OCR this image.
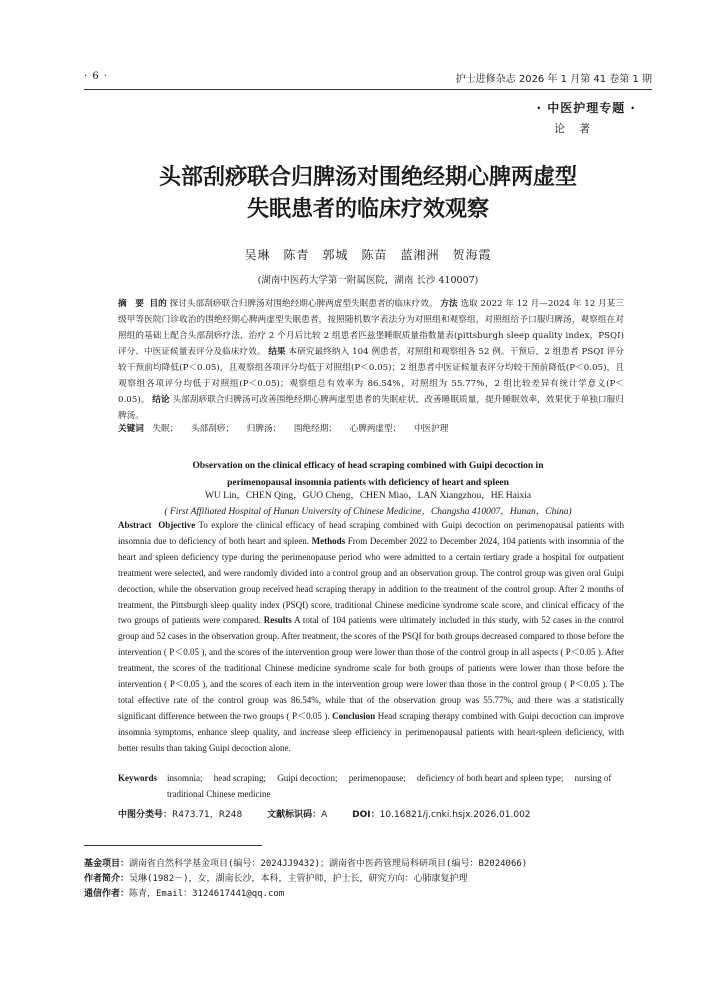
· 6 ·	护士进修杂志 2026 年 1 月第 41 卷第 1 期
· 中医护理专题 ·
论著
头部刮痧联合归脾汤对围绝经期心脾两虚型
失眠患者的临床疗效观察
吴琳　陈青　郭城　陈苗　蓝湘洲　贺海霞
(湖南中医药大学第一附属医院，湖南 长沙 410007)
摘　要 目的 探讨头部刮痧联合归脾汤对围绝经期心脾两虚型失眠患者的临床疗效。 方法 选取 2022 年 12 月—2024 年 12 月某三级甲等医院门诊收治的围绝经期心脾两虚型失眠患者，按照随机数字表法分为对照组和观察组，对照组给予口服归脾汤，观察组在对照组的基础上配合头部刮痧疗法，治疗 2 个月后比较 2 组患者匹兹堡睡眠质量指数量表(pittsburgh sleep quality index，PSQI)评分、中医证候量表评分及临床疗效。 结果 本研究最终纳入 104 例患者，对照组和观察组各 52 例。干预后，2 组患者 PSQI 评分较干预前均降低(P＜0.05)，且观察组各项评分均低于对照组(P＜0.05)；2 组患者中医证候量表评分均较干预前降低(P＜0.05)，且观察组各项评分均低于对照组(P＜0.05)；观察组总有效率为 86.54%，对照组为 55.77%，2 组比较差异有统计学意义(P＜0.05)。 结论 头部刮痧联合归脾汤可改善围绝经期心脾两虚型患者的失眠症状，改善睡眠质量，提升睡眠效率，效果优于单独口服归脾汤。
关键词 失眠； 头部刮痧； 归脾汤； 围绝经期； 心脾两虚型； 中医护理
Observation on the clinical efficacy of head scraping combined with Guipi decoction in
perimenopausal insomnia patients with deficiency of heart and spleen
WU Lin，CHEN Qing，GUO Cheng，CHEN Miao，LAN Xiangzhou，HE Haixia
( First Affiliated Hospital of Hunan University of Chinese Medicine，Changsha 410007，Hunan，China)
Abstract Objective To explore the clinical efficacy of head scraping combined with Guipi decoction on perimenopausal patients with insomnia due to deficiency of both heart and spleen. Methods From December 2022 to December 2024, 104 patients with insomnia of the heart and spleen deficiency type during the perimenopause period who were admitted to a certain tertiary grade a hospital for outpatient treatment were selected, and were randomly divided into a control group and an observation group. The control group was given oral Guipi decoction, while the observation group received head scraping therapy in addition to the treatment of the control group. After 2 months of treatment, the Pittsburgh sleep quality index (PSQI) score, traditional Chinese medicine syndrome scale score, and clinical efficacy of the two groups of patients were compared. Results A total of 104 patients were ultimately included in this study, with 52 cases in the control group and 52 cases in the observation group. After treatment, the scores of the PSQI for both groups decreased compared to those before the intervention ( P＜0.05 ), and the scores of the intervention group were lower than those of the control group in all aspects ( P＜0.05 ). After treatment, the scores of the traditional Chinese medicine syndrome scale for both groups of patients were lower than those before the intervention ( P＜0.05 ), and the scores of each item in the intervention group were lower than those in the control group ( P＜0.05 ). The total effective rate of the control group was 86.54%, while that of the observation group was 55.77%, and there was a statistically significant difference between the two groups ( P＜0.05 ). Conclusion Head scraping therapy combined with Guipi decoction can improve insomnia symptoms, enhance sleep quality, and increase sleep efficiency in perimenopausal patients with heart-spleen deficiency, with better results than taking Guipi decoction alone.
Keywords insomnia; head scraping; Guipi decoction; perimenopause; deficiency of both heart and spleen type; nursing of traditional Chinese medicine
中图分类号：R473.71，R248	文献标识码：A	DOI：10.16821/j.cnki.hsjx.2026.01.002
基金项目：湖南省自然科学基金项目(编号：2024JJ9432)；湖南省中医药管理局科研项目(编号：B2024066)
作者简介：吴琳(1982－)，女，湖南长沙，本科，主管护师，护士长，研究方向：心肺康复护理
通信作者：陈青，Email：3124617441@qq.com
